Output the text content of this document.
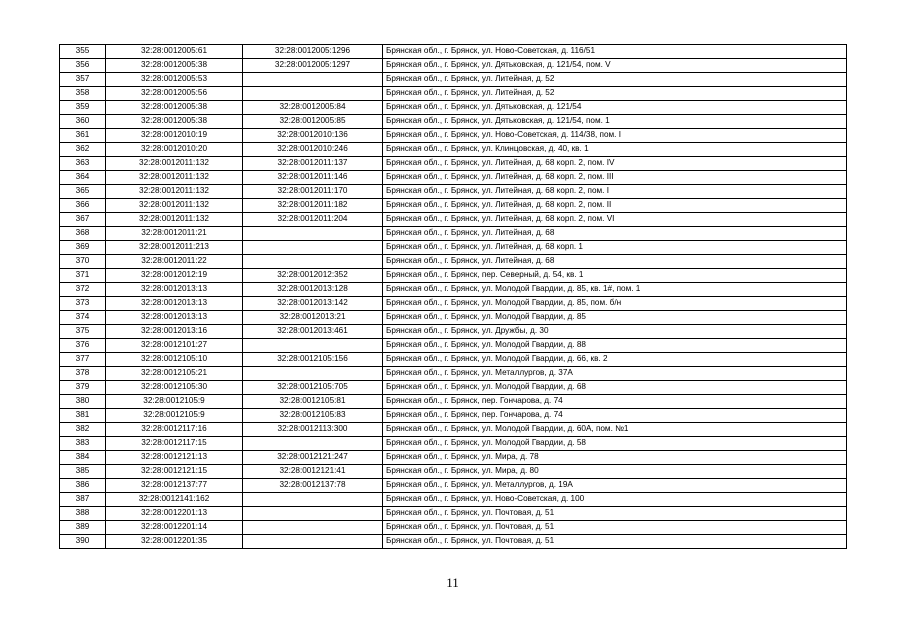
355	32:28:0012005:61	32:28:0012005:1296	Брянская обл., г. Брянск, ул. Ново-Советская, д. 116/51
356	32:28:0012005:38	32:28:0012005:1297	Брянская обл., г. Брянск, ул. Дятьковская, д. 121/54, пом. V
357	32:28:0012005:53		Брянская обл., г. Брянск, ул. Литейная, д. 52
358	32:28:0012005:56		Брянская обл., г. Брянск, ул. Литейная, д. 52
359	32:28:0012005:38	32:28:0012005:84	Брянская обл., г. Брянск, ул. Дятьковская, д. 121/54
360	32:28:0012005:38	32:28:0012005:85	Брянская обл., г. Брянск, ул. Дятьковская, д. 121/54, пом. 1
361	32:28:0012010:19	32:28:0012010:136	Брянская обл., г. Брянск, ул. Ново-Советская, д. 114/38, пом. I
362	32:28:0012010:20	32:28:0012010:246	Брянская обл., г. Брянск, ул. Клинцовская, д. 40, кв. 1
363	32:28:0012011:132	32:28:0012011:137	Брянская обл., г. Брянск, ул. Литейная, д. 68 корп. 2, пом. IV
364	32:28:0012011:132	32:28:0012011:146	Брянская обл., г. Брянск, ул. Литейная, д. 68 корп. 2, пом. III
365	32:28:0012011:132	32:28:0012011:170	Брянская обл., г. Брянск, ул. Литейная, д. 68 корп. 2, пом. I
366	32:28:0012011:132	32:28:0012011:182	Брянская обл., г. Брянск, ул. Литейная, д. 68 корп. 2, пом. II
367	32:28:0012011:132	32:28:0012011:204	Брянская обл., г. Брянск, ул. Литейная, д. 68 корп. 2, пом. VI
368	32:28:0012011:21		Брянская обл., г. Брянск, ул. Литейная, д. 68
369	32:28:0012011:213		Брянская обл., г. Брянск, ул. Литейная, д. 68 корп. 1
370	32:28:0012011:22		Брянская обл., г. Брянск, ул. Литейная, д. 68
371	32:28:0012012:19	32:28:0012012:352	Брянская обл., г. Брянск, пер. Северный, д. 54, кв. 1
372	32:28:0012013:13	32:28:0012013:128	Брянская обл., г. Брянск, ул. Молодой Гвардии, д. 85, кв. 1#, пом. 1
373	32:28:0012013:13	32:28:0012013:142	Брянская обл., г. Брянск, ул. Молодой Гвардии, д. 85, пом. б/н
374	32:28:0012013:13	32:28:0012013:21	Брянская обл., г. Брянск, ул. Молодой Гвардии, д. 85
375	32:28:0012013:16	32:28:0012013:461	Брянская обл., г. Брянск, ул. Дружбы, д. 30
376	32:28:0012101:27		Брянская обл., г. Брянск, ул. Молодой Гвардии, д. 88
377	32:28:0012105:10	32:28:0012105:156	Брянская обл., г. Брянск, ул. Молодой Гвардии, д. 66, кв. 2
378	32:28:0012105:21		Брянская обл., г. Брянск, ул. Металлургов, д. 37А
379	32:28:0012105:30	32:28:0012105:705	Брянская обл., г. Брянск, ул. Молодой Гвардии, д. 68
380	32:28:0012105:9	32:28:0012105:81	Брянская обл., г. Брянск, пер. Гончарова, д. 74
381	32:28:0012105:9	32:28:0012105:83	Брянская обл., г. Брянск, пер. Гончарова, д. 74
382	32:28:0012117:16	32:28:0012113:300	Брянская обл., г. Брянск, ул. Молодой Гвардии, д. 60А, пом. №1
383	32:28:0012117:15		Брянская обл., г. Брянск, ул. Молодой Гвардии, д. 58
384	32:28:0012121:13	32:28:0012121:247	Брянская обл., г. Брянск, ул. Мира, д. 78
385	32:28:0012121:15	32:28:0012121:41	Брянская обл., г. Брянск, ул. Мира, д. 80
386	32:28:0012137:77	32:28:0012137:78	Брянская обл., г. Брянск, ул. Металлургов, д. 19А
387	32:28:0012141:162		Брянская обл., г. Брянск, ул. Ново-Советская, д. 100
388	32:28:0012201:13		Брянская обл., г. Брянск, ул. Почтовая, д. 51
389	32:28:0012201:14		Брянская обл., г. Брянск, ул. Почтовая, д. 51
390	32:28:0012201:35		Брянская обл., г. Брянск, ул. Почтовая, д. 51
11
